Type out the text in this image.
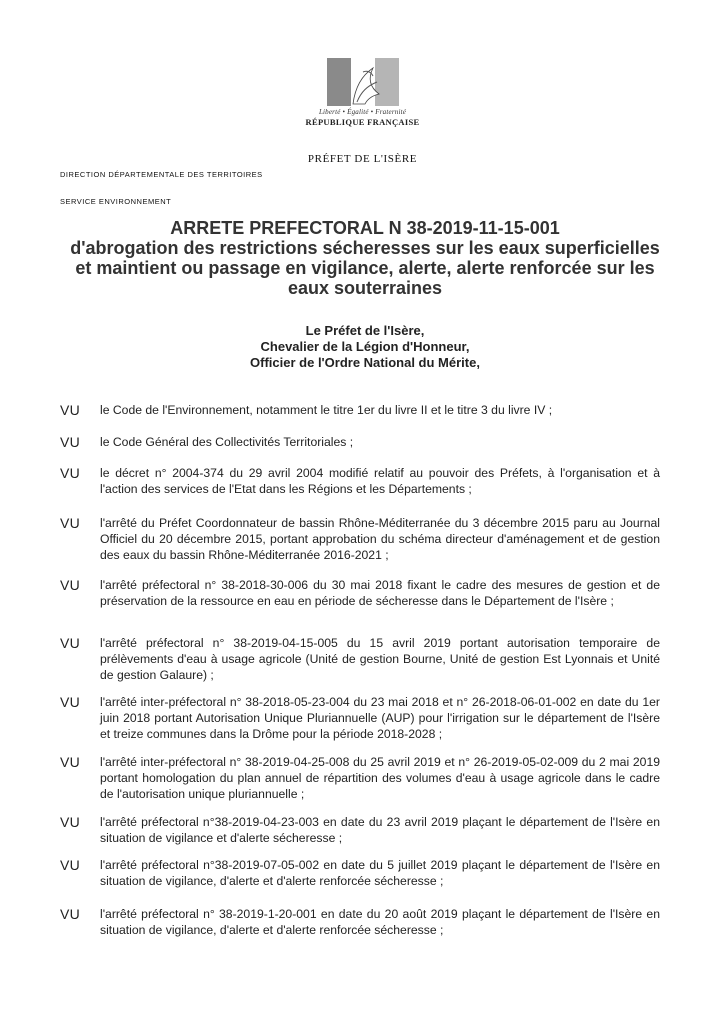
Liberté • Égalité • Fraternité
RÉPUBLIQUE FRANÇAISE
PRÉFET DE L'ISÈRE
DIRECTION DÉPARTEMENTALE DES TERRITOIRES
SERVICE ENVIRONNEMENT
ARRETE PREFECTORAL N 38-2019-11-15-001
d'abrogation des restrictions sécheresses sur les eaux superficielles et maintient ou passage en vigilance, alerte, alerte renforcée sur les eaux souterraines
Le Préfet de l'Isère,
Chevalier de la Légion d'Honneur,
Officier de l'Ordre National du Mérite,
VU le Code de l'Environnement, notamment le titre 1er du livre II et le titre 3 du livre IV ;
VU le Code Général des Collectivités Territoriales ;
VU le décret n° 2004-374 du 29 avril 2004 modifié relatif au pouvoir des Préfets, à l'organisation et à l'action des services de l'Etat dans les Régions et les Départements ;
VU l'arrêté du Préfet Coordonnateur de bassin Rhône-Méditerranée du 3 décembre 2015 paru au Journal Officiel du 20 décembre 2015, portant approbation du schéma directeur d'aménagement et de gestion des eaux du bassin Rhône-Méditerranée 2016-2021 ;
VU l'arrêté préfectoral n° 38-2018-30-006 du 30 mai 2018 fixant le cadre des mesures de gestion et de préservation de la ressource en eau en période de sécheresse dans le Département de l'Isère ;
VU l'arrêté préfectoral n° 38-2019-04-15-005 du 15 avril 2019 portant autorisation temporaire de prélèvements d'eau à usage agricole (Unité de gestion Bourne, Unité de gestion Est Lyonnais et Unité de gestion Galaure) ;
VU l'arrêté inter-préfectoral n° 38-2018-05-23-004 du 23 mai 2018 et n° 26-2018-06-01-002 en date du 1er juin 2018 portant Autorisation Unique Pluriannuelle (AUP) pour l'irrigation sur le département de l'Isère et treize communes dans la Drôme pour la période 2018-2028 ;
VU l'arrêté inter-préfectoral n° 38-2019-04-25-008 du 25 avril 2019 et n° 26-2019-05-02-009 du 2 mai 2019 portant homologation du plan annuel de répartition des volumes d'eau à usage agricole dans le cadre de l'autorisation unique pluriannuelle ;
VU l'arrêté préfectoral n°38-2019-04-23-003 en date du 23 avril 2019 plaçant le département de l'Isère en situation de vigilance et d'alerte sécheresse ;
VU l'arrêté préfectoral n°38-2019-07-05-002 en date du 5 juillet 2019 plaçant le département de l'Isère en situation de vigilance, d'alerte et d'alerte renforcée sécheresse ;
VU l'arrêté préfectoral n° 38-2019-1-20-001 en date du 20 août 2019 plaçant le département de l'Isère en situation de vigilance, d'alerte et d'alerte renforcée sécheresse ;
